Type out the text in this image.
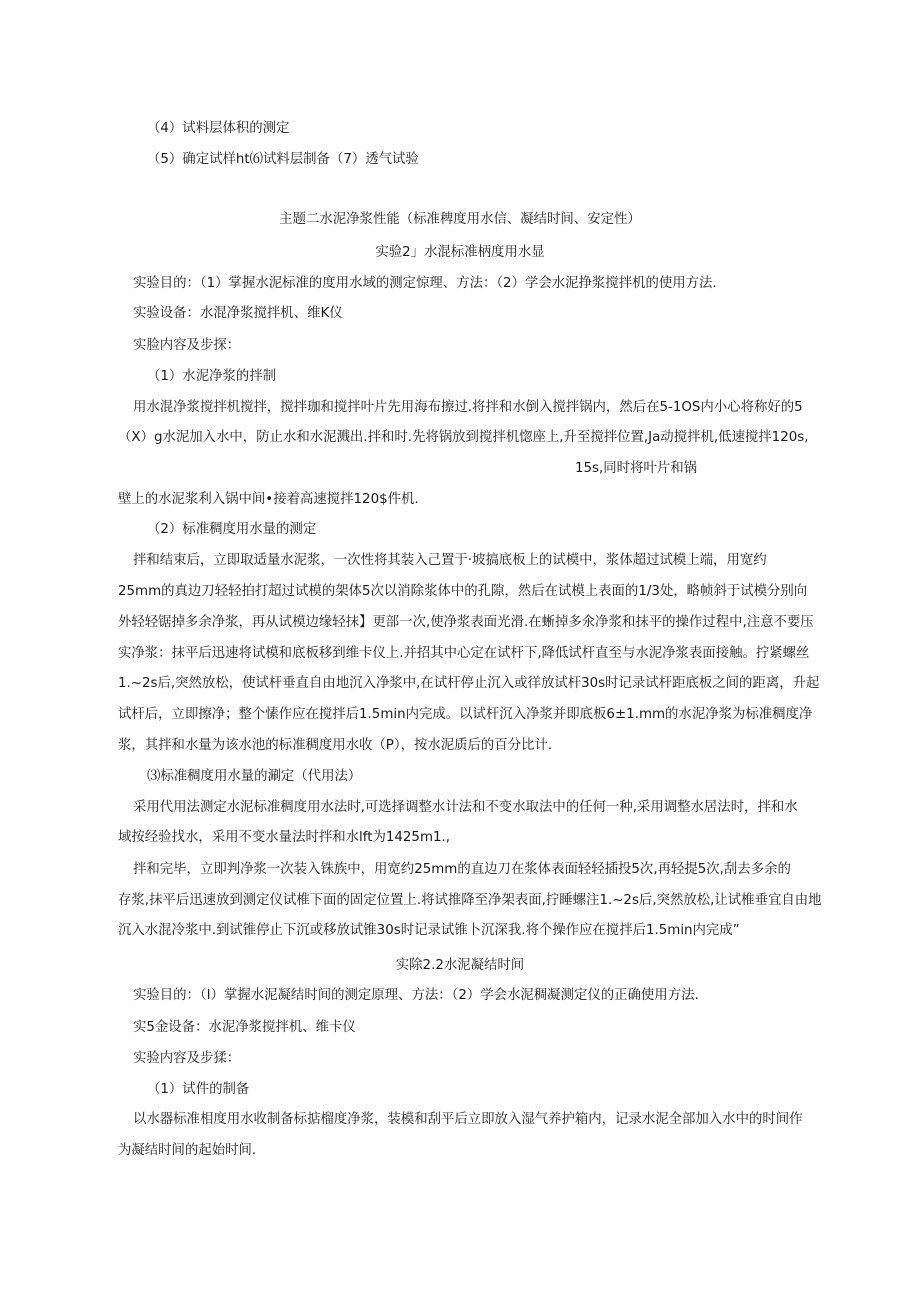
（4）试料层体积的测定
（5）确定试样ht⑹试料层制备（7）透气试验
主题二水泥净浆性能（标准稗度用水信、凝结时间、安定性）
实验2」水混标准柄度用水显
实验目的：（1）掌握水泥标准的度用水域的测定惊理、方法：（2）学会水泥挣浆搅拌机的使用方法.
实验设备：水混净浆搅拌机、维K仪
实脸内容及步探：
（1）水泥净浆的拌制
用水混净浆搅拌机搅拌，搅拌珈和搅拌叶片先用海布擦过.将拌和水倒入搅拌锅内，然后在5-1OS内小心将称好的5
（X）g水泥加入水中，防止水和水泥溅出.拌和时.先将锅放到搅拌机惚座上,升至搅拌位置,Ja动搅拌机,低速搅拌120s,
15s,同时将叶片和锅
壁上的水泥浆利入锅中间•接着高速搅拌120$件机.
（2）标准稠度用水量的测定
拌和结束后，立即取适量水泥浆，一次性将其装入己置于·坡搞底板上的试模中，浆体超过试模上端，用宽约
25mm的真边刀轻轻拍打超过试模的架体5次以消除浆体中的孔隙，然后在试模上表面的1/3处，略帧斜于试模分别向
外轻轻锯掉多余净浆，再从试模边缘轻抹】更部一次,使净浆表面光滑.在蜥掉多氽净浆和抹平的操作过程中,注意不要压
实净浆：抹平后迅速将试模和底板移到维卡仪上.并招其中心定在试杆下,降低试杆直至与水泥净浆表面接触。拧紧螺丝
1.~2s后,突然放松，使试杆垂直自由地沉入净浆中,在试杆停止沉入或徉放试杆30s时记录试杆距底板之间的距离，升起
试杆后，立即擦净；整个愫作应在搅拌后1.5min内完成。以试杆沉入净浆并即底板6±1.mm的水泥净浆为标准稠度净
浆，其拌和水量为该水池的标准稠度用水收（P），按水泥质后的百分比计.
⑶标准稠度用水量的涮定（代用法）
采用代用法测定水泥标准稠度用水法时,可选择调整水计法和不变水取法中的任何一种,采用调整水居法时，拌和水
域按经验找水，采用不变水量法时拌和水lft为1425m1.,
拌和完毕，立即判净浆一次装入铢族中，用宽约25mm的直边刀在浆体表面轻轻插投5次,再轻提5次,刮去多余的
存浆,抹平后迅速放到测定仪试椎下面的固定位置上.将试推降至净架表面,拧睡螺注1.~2s后,突然放松,让试椎垂宜自由地
沉入水混冷浆中.到试锥停止下沉或移放试锥30s时记录试锥卜沉深我.将个操作应在搅拌后1.5min内完成”
实除2.2水泥凝结时间
实验目的：（I）掌握水泥凝结时间的测定原理、方法：（2）学会水泥稠凝测定仪的正确使用方法.
实5金设备：水泥净浆搅拌机、维卡仪
实验内容及步猱：
（1）试件的制备
以水器标准相度用水收制备标掂榴度净浆，装模和刮平后立即放入湿气养护箱内，记录水泥全部加入水中的时间作
为凝结时间的起始时间.
